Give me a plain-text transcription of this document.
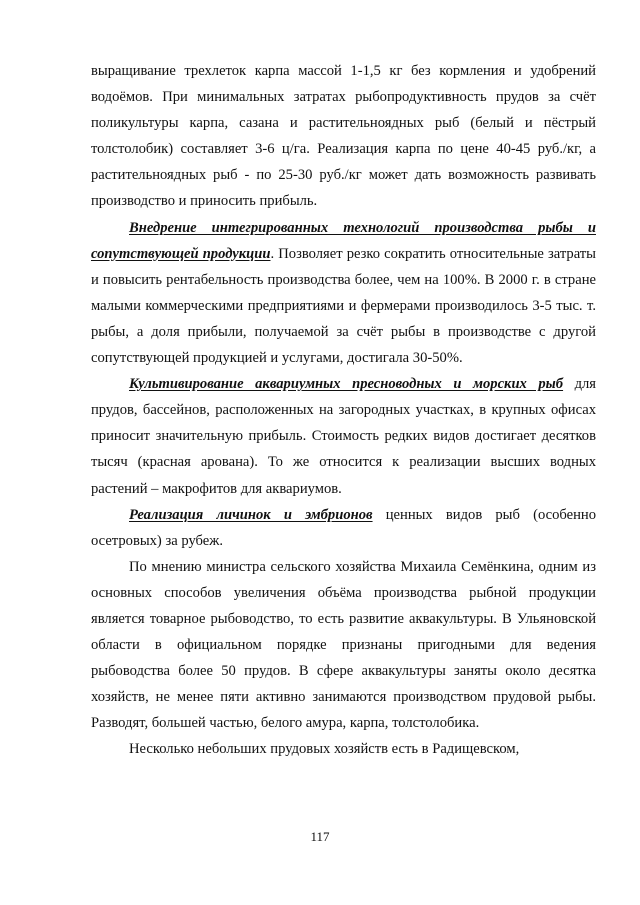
выращивание трехлеток карпа массой 1-1,5 кг без кормления и удобрений водоёмов. При минимальных затратах рыбопродуктивность прудов за счёт поликультуры карпа, сазана и растительноядных рыб (белый и пёстрый толстолобик) составляет 3-6 ц/га. Реализация карпа по цене 40-45 руб./кг, а растительноядных рыб - по 25-30 руб./кг может дать возможность развивать производство и приносить прибыль.

Внедрение интегрированных технологий производства рыбы и сопутствующей продукции. Позволяет резко сократить относительные затраты и повысить рентабельность производства более, чем на 100%. В 2000 г. в стране малыми коммерческими предприятиями и фермерами производилось 3-5 тыс. т. рыбы, а доля прибыли, получаемой за счёт рыбы в производстве с другой сопутствующей продукцией и услугами, достигала 30-50%.

Культивирование аквариумных пресноводных и морских рыб для прудов, бассейнов, расположенных на загородных участках, в крупных офисах приносит значительную прибыль. Стоимость редких видов достигает десятков тысяч (красная арована). То же относится к реализации высших водных растений – макрофитов для аквариумов.

Реализация личинок и эмбрионов ценных видов рыб (особенно осетровых) за рубеж.

По мнению министра сельского хозяйства Михаила Семёнкина, одним из основных способов увеличения объёма производства рыбной продукции является товарное рыбоводство, то есть развитие аквакультуры. В Ульяновской области в официальном порядке признаны пригодными для ведения рыбоводства более 50 прудов. В сфере аквакультуры заняты около десятка хозяйств, не менее пяти активно занимаются производством прудовой рыбы. Разводят, большей частью, белого амура, карпа, толстолобика.

Несколько небольших прудовых хозяйств есть в Радищевском,

117
